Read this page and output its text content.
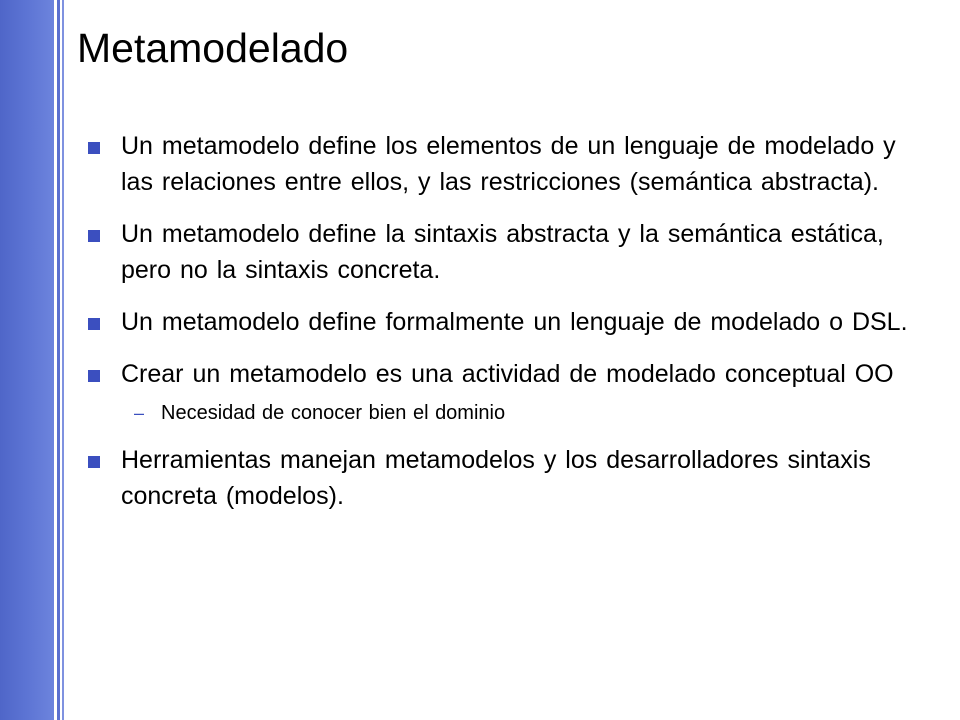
Metamodelado
Un metamodelo define los elementos de un lenguaje de modelado y las relaciones entre ellos, y las restricciones (semántica abstracta).
Un metamodelo define la sintaxis abstracta y la semántica estática, pero no la sintaxis concreta.
Un metamodelo define formalmente un lenguaje de modelado o DSL.
Crear un metamodelo es una actividad de modelado conceptual OO
– Necesidad de conocer bien el dominio
Herramientas manejan metamodelos y los desarrolladores sintaxis concreta (modelos).
